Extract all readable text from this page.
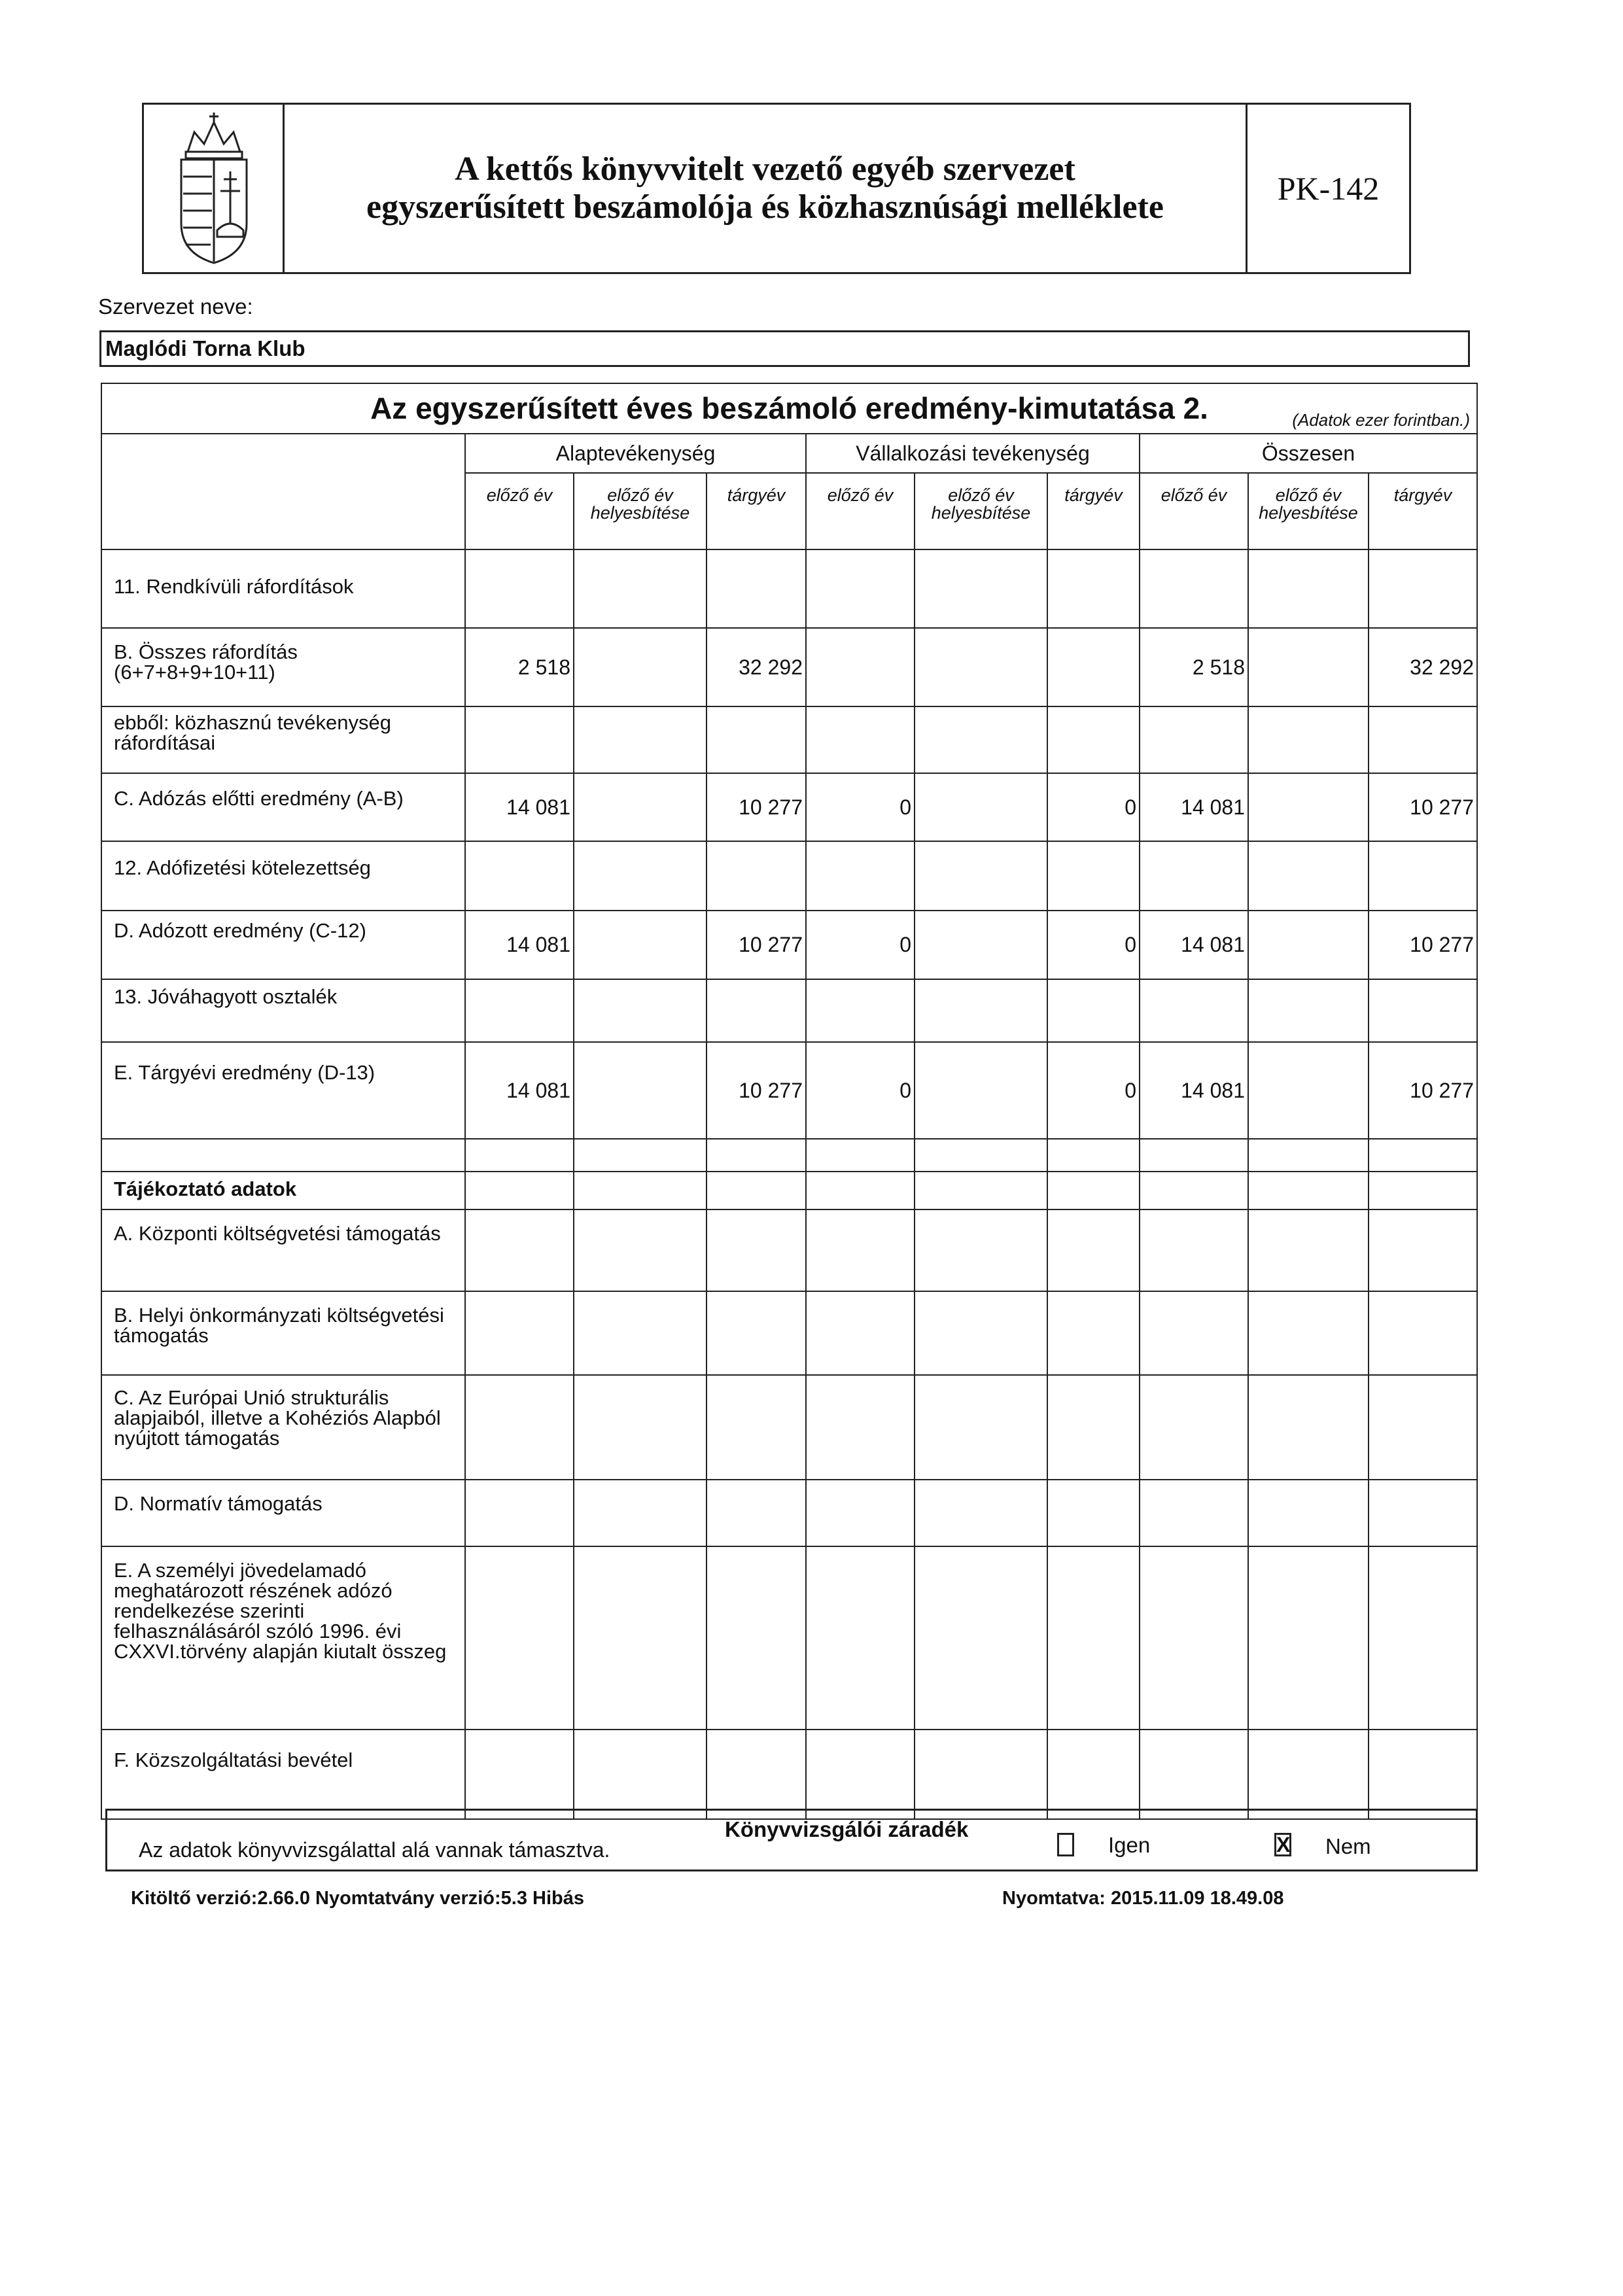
A kettős könyvvitelt vezető egyéb szervezet
egyszerűsített beszámolója és közhasznúsági melléklete	PK-142
Szervezet neve:
Maglódi Torna Klub
Az egyszerűsített éves beszámoló eredmény-kimutatása 2. (Adatok ezer forintban.)									

	Alaptevékenység			Vállalkozási tevékenység			Összesen		
	előző év	előző év helyesbítése	tárgyév	előző év	előző év helyesbítése	tárgyév	előző év	előző év helyesbítése	tárgyév
11. Rendkívüli ráfordítások									
B. Összes ráfordítás (6+7+8+9+10+11)	2 518		32 292				2 518		32 292
ebből: közhasznú tevékenység ráfordításai									
C. Adózás előtti eredmény (A-B)	14 081		10 277	0		0	14 081		10 277
12. Adófizetési kötelezettség									
D. Adózott eredmény (C-12)	14 081		10 277	0		0	14 081		10 277
13. Jóváhagyott osztalék									
E. Tárgyévi eredmény (D-13)	14 081		10 277	0		0	14 081		10 277

Tájékoztató adatok									
A. Központi költségvetési támogatás									
B. Helyi önkormányzati költségvetési támogatás									
C. Az Európai Unió strukturális alapjaiból, illetve a Kohéziós Alapból nyújtott támogatás									
D. Normatív támogatás									
E. A személyi jövedelamadó meghatározott részének adózó rendelkezése szerinti felhasználásáról szóló 1996. évi CXXVI.törvény alapján kiutalt összeg									
F. Közszolgáltatási bevétel									
Az adatok könyvvizsgálattal alá vannak támasztva.
Könyvvizsgálói záradék
Igen	X Nem
Kitöltő verzió:2.66.0 Nyomtatvány verzió:5.3 Hibás	Nyomtatva: 2015.11.09 18.49.08
